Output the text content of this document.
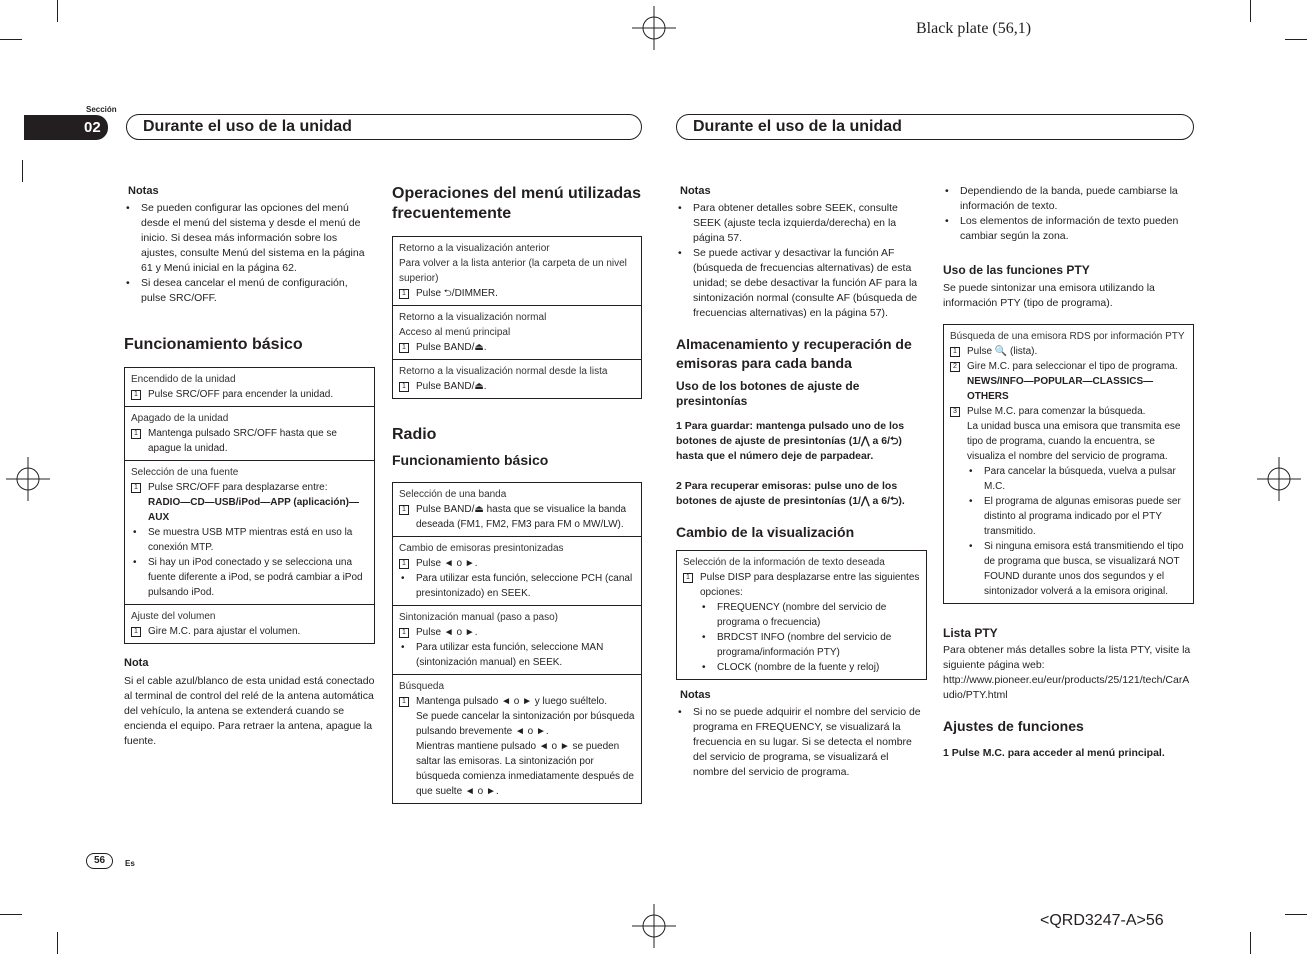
Black plate (56,1)
<QRD3247-A>56
Sección
02	Durante el uso de la unidad	Durante el uso de la unidad
Notas
• Se pueden configurar las opciones del menú desde el menú del sistema y desde el menú de inicio. Si desea más información sobre los ajustes, consulte Menú del sistema en la página 61 y Menú inicial en la página 62.
• Si desea cancelar el menú de configuración, pulse SRC/OFF.
Funcionamiento básico
Encendido de la unidad
1	Pulse SRC/OFF para encender la unidad.
Apagado de la unidad
1	Mantenga pulsado SRC/OFF hasta que se apague la unidad.
Selección de una fuente
1	Pulse SRC/OFF para desplazarse entre:
RADIO—CD—USB/iPod—APP (aplicación)—AUX
• Se muestra USB MTP mientras está en uso la conexión MTP.
• Si hay un iPod conectado y se selecciona una fuente diferente a iPod, se podrá cambiar a iPod pulsando iPod.
Ajuste del volumen
1	Gire M.C. para ajustar el volumen.
Nota
Si el cable azul/blanco de esta unidad está conectado al terminal de control del relé de la antena automática del vehículo, la antena se extenderá cuando se encienda el equipo. Para retraer la antena, apague la fuente.
Operaciones del menú utilizadas frecuentemente
Retorno a la visualización anterior
Para volver a la lista anterior (la carpeta de un nivel superior)
1	Pulse ⮌/DIMMER.
Retorno a la visualización normal
Acceso al menú principal
1	Pulse BAND/⏏.
Retorno a la visualización normal desde la lista
1	Pulse BAND/⏏.
Radio
Funcionamiento básico
Selección de una banda
1	Pulse BAND/⏏ hasta que se visualice la banda deseada (FM1, FM2, FM3 para FM o MW/LW).
Cambio de emisoras presintonizadas
1	Pulse ◄ o ►.
• Para utilizar esta función, seleccione PCH (canal presintonizado) en SEEK.
Sintonización manual (paso a paso)
1	Pulse ◄ o ►.
• Para utilizar esta función, seleccione MAN (sintonización manual) en SEEK.
Búsqueda
1	Mantenga pulsado ◄ o ► y luego suéltelo.
Se puede cancelar la sintonización por búsqueda pulsando brevemente ◄ o ►.
Mientras mantiene pulsado ◄ o ► se pueden saltar las emisoras. La sintonización por búsqueda comienza inmediatamente después de que suelte ◄ o ►.
Notas
• Para obtener detalles sobre SEEK, consulte SEEK (ajuste tecla izquierda/derecha) en la página 57.
• Se puede activar y desactivar la función AF (búsqueda de frecuencias alternativas) de esta unidad; se debe desactivar la función AF para la sintonización normal (consulte AF (búsqueda de frecuencias alternativas) en la página 57).
Almacenamiento y recuperación de emisoras para cada banda
Uso de los botones de ajuste de presintonías
1 Para guardar: mantenga pulsado uno de los botones de ajuste de presintonías (1/⋀ a 6/⮌) hasta que el número deje de parpadear.
2 Para recuperar emisoras: pulse uno de los botones de ajuste de presintonías (1/⋀ a 6/⮌).
Cambio de la visualización
Selección de la información de texto deseada
1	Pulse DISP para desplazarse entre las siguientes opciones:
• FREQUENCY (nombre del servicio de programa o frecuencia)
• BRDCST INFO (nombre del servicio de programa/información PTY)
• CLOCK (nombre de la fuente y reloj)
Notas
• Si no se puede adquirir el nombre del servicio de programa en FREQUENCY, se visualizará la frecuencia en su lugar. Si se detecta el nombre del servicio de programa, se visualizará el nombre del servicio de programa.
• Dependiendo de la banda, puede cambiarse la información de texto.
• Los elementos de información de texto pueden cambiar según la zona.
Uso de las funciones PTY
Se puede sintonizar una emisora utilizando la información PTY (tipo de programa).
Búsqueda de una emisora RDS por información PTY
1	Pulse 🔍 (lista).
2	Gire M.C. para seleccionar el tipo de programa.
NEWS/INFO—POPULAR—CLASSICS—OTHERS
3	Pulse M.C. para comenzar la búsqueda.
La unidad busca una emisora que transmita ese tipo de programa, cuando la encuentra, se visualiza el nombre del servicio de programa.
• Para cancelar la búsqueda, vuelva a pulsar M.C.
• El programa de algunas emisoras puede ser distinto al programa indicado por el PTY transmitido.
• Si ninguna emisora está transmitiendo el tipo de programa que busca, se visualizará NOT FOUND durante unos dos segundos y el sintonizador volverá a la emisora original.
Lista PTY
Para obtener más detalles sobre la lista PTY, visite la siguiente página web:
http://www.pioneer.eu/eur/products/25/121/tech/CarAudio/PTY.html
Ajustes de funciones
1 Pulse M.C. para acceder al menú principal.
56	Es
